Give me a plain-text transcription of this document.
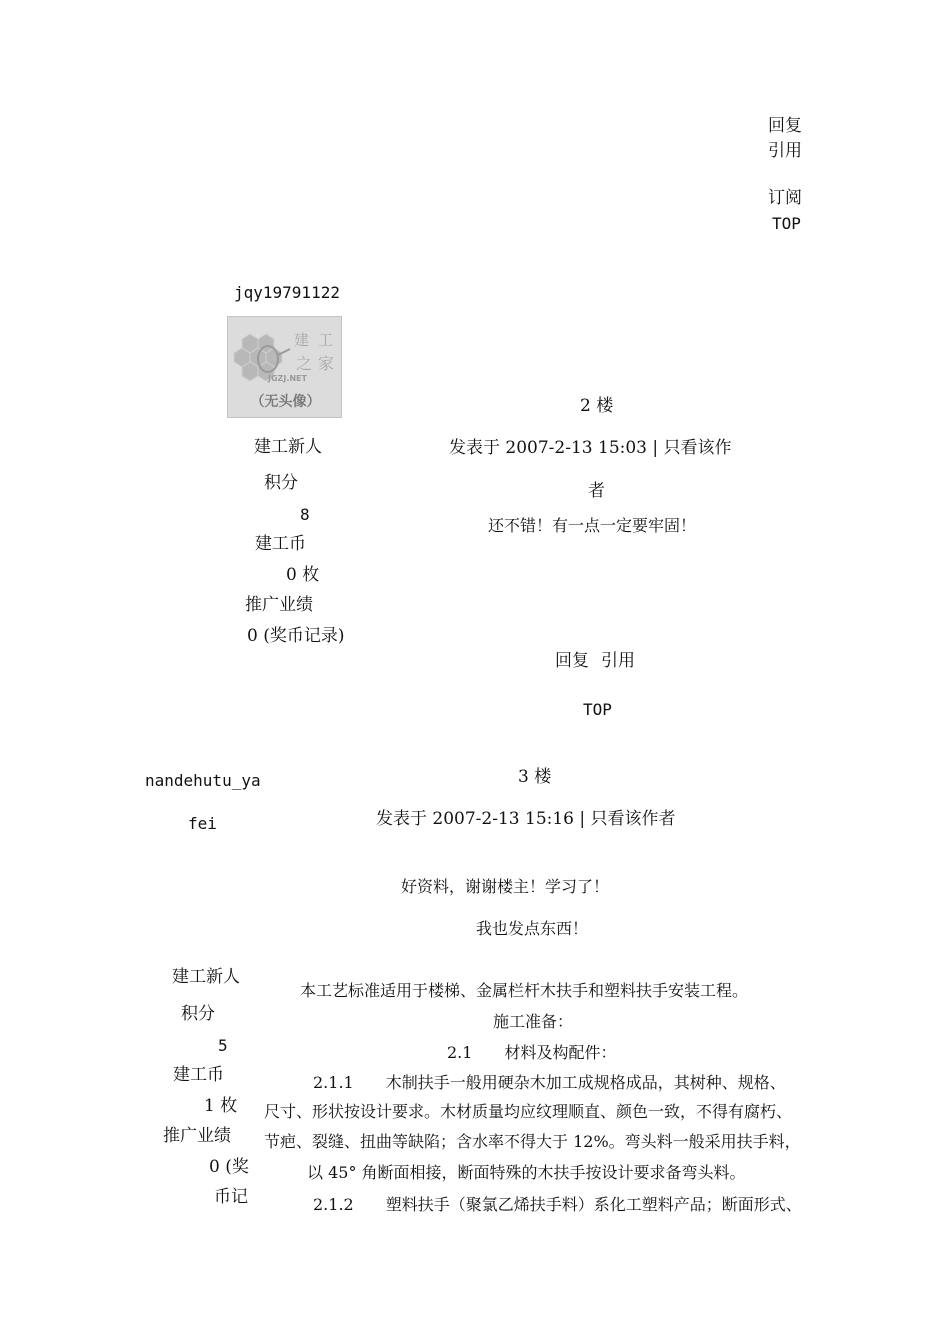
回复
引用
订阅
TOP
jqy19791122
建 工
之 家
JGZJ.NET
（无头像）
建工新人
积分
8
建工币
0 枚
推广业绩
0 (奖币记录)
2 楼
发表于 2007-2-13 15:03 | 只看该作
者
还不错！有一点一定要牢固！
回复 引用
TOP
nandehutu_ya
fei
建工新人
积分
5
建工币
1 枚
推广业绩
0 (奖
币记
3 楼
发表于 2007-2-13 15:16 | 只看该作者
好资料，谢谢楼主！学习了！
我也发点东西！
本工艺标准适用于楼梯、金属栏杆木扶手和塑料扶手安装工程。
施工准备：
2.1　　材料及构配件：
2.1.1　　木制扶手一般用硬杂木加工成规格成品，其树种、规格、
尺寸、形状按设计要求。木材质量均应纹理顺直、颜色一致，不得有腐朽、
节疤、裂缝、扭曲等缺陷；含水率不得大于 12%。弯头料一般采用扶手料，
以 45° 角断面相接，断面特殊的木扶手按设计要求备弯头料。
2.1.2　　塑料扶手（聚氯乙烯扶手料）系化工塑料产品；断面形式、
